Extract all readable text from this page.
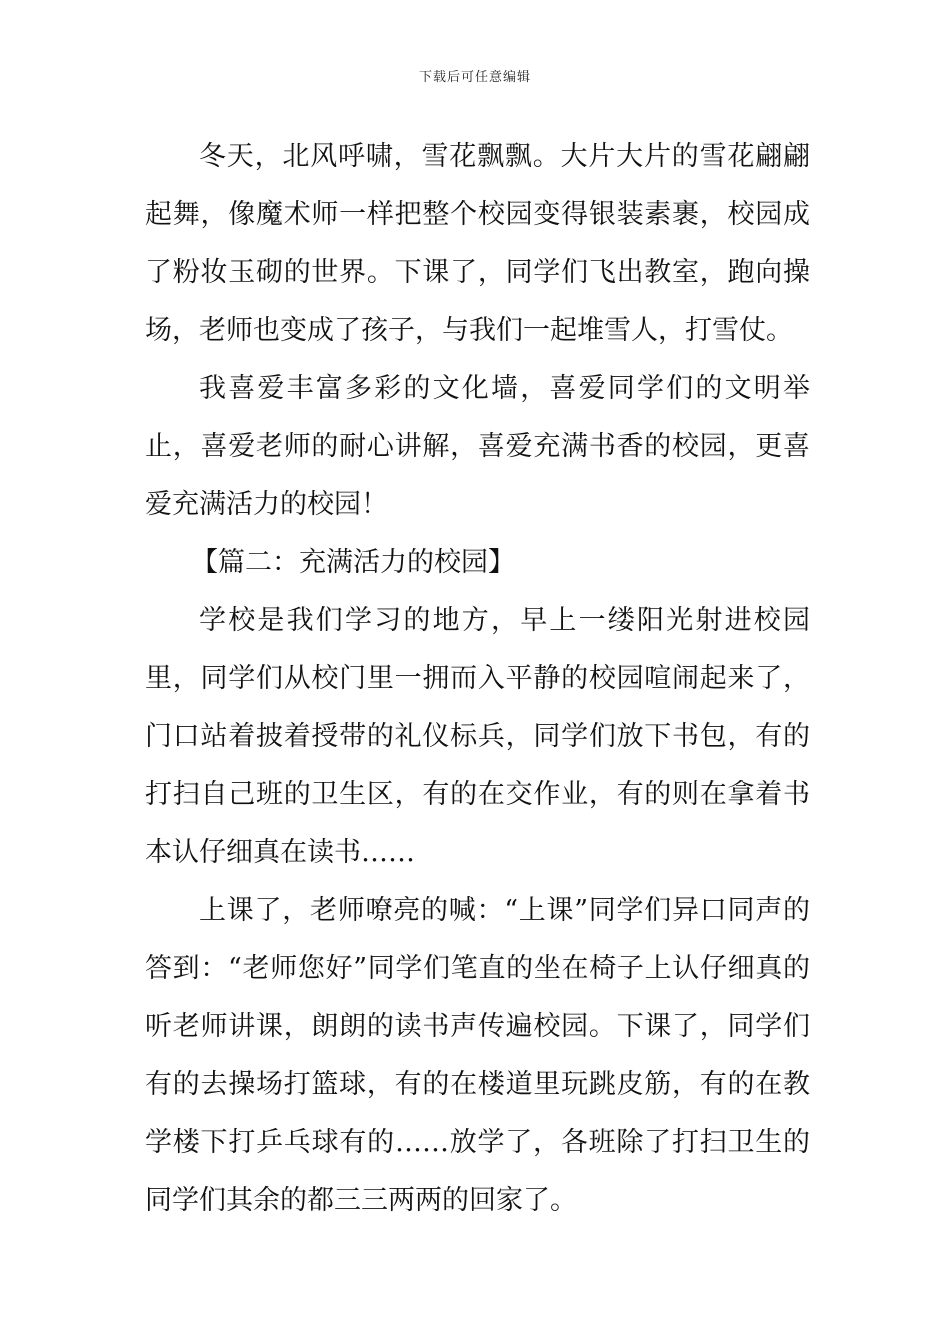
下载后可任意编辑

冬天，北风呼啸，雪花飘飘。大片大片的雪花翩翩起舞，像魔术师一样把整个校园变得银装素裹，校园成了粉妆玉砌的世界。下课了，同学们飞出教室，跑向操场，老师也变成了孩子，与我们一起堆雪人，打雪仗。

我喜爱丰富多彩的文化墙，喜爱同学们的文明举止，喜爱老师的耐心讲解，喜爱充满书香的校园，更喜爱充满活力的校园！

【篇二：充满活力的校园】

学校是我们学习的地方，早上一缕阳光射进校园里，同学们从校门里一拥而入平静的校园喧闹起来了，门口站着披着授带的礼仪标兵，同学们放下书包，有的打扫自己班的卫生区，有的在交作业，有的则在拿着书本认仔细真在读书……

上课了，老师嘹亮的喊：“上课”同学们异口同声的答到：“老师您好”同学们笔直的坐在椅子上认仔细真的听老师讲课，朗朗的读书声传遍校园。下课了，同学们有的去操场打篮球，有的在楼道里玩跳皮筋，有的在教学楼下打乒乓球有的……放学了，各班除了打扫卫生的同学们其余的都三三两两的回家了。
